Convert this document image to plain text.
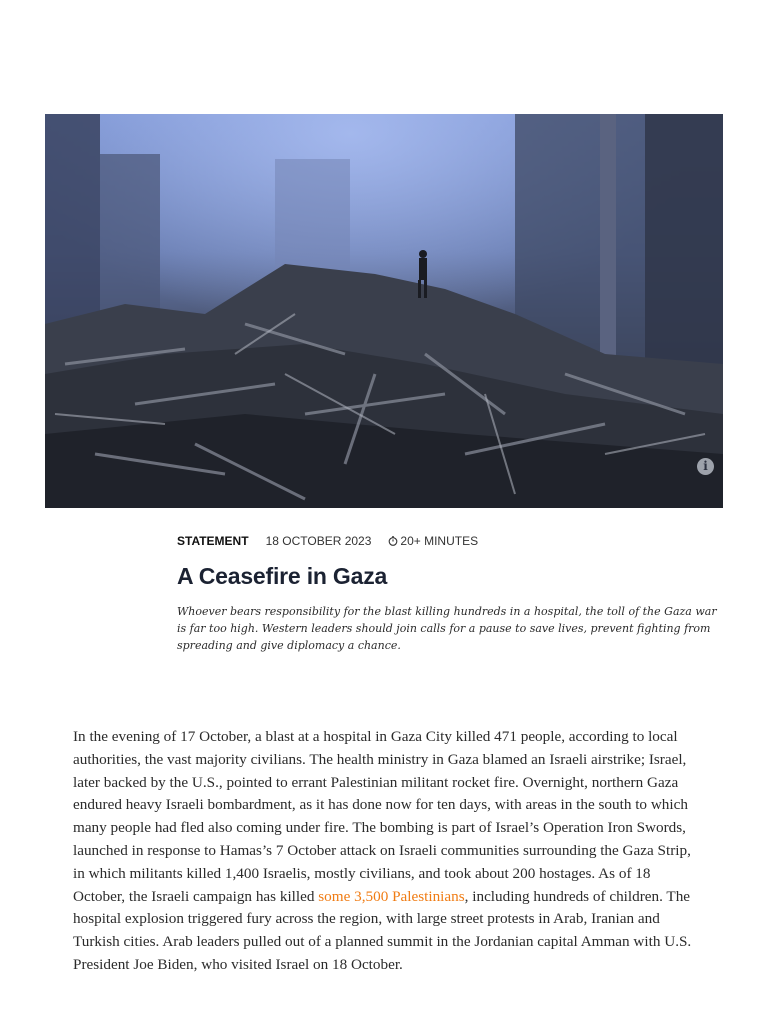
i
STATEMENT 18 OCTOBER 2023 20+ MINUTES
A Ceasefire in Gaza

Whoever bears responsibility for the blast killing hundreds in a hospital, the toll of the Gaza war is far too high. Western leaders should join calls for a pause to save lives, prevent fighting from spreading and give diplomacy a chance.

In the evening of 17 October, a blast at a hospital in Gaza City killed 471 people, according to local authorities, the vast majority civilians. The health ministry in Gaza blamed an Israeli airstrike; Israel, later backed by the U.S., pointed to errant Palestinian militant rocket fire. Overnight, northern Gaza endured heavy Israeli bombardment, as it has done now for ten days, with areas in the south to which many people had fled also coming under fire. The bombing is part of Israel’s Operation Iron Swords, launched in response to Hamas’s 7 October attack on Israeli communities surrounding the Gaza Strip, in which militants killed 1,400 Israelis, mostly civilians, and took about 200 hostages. As of 18 October, the Israeli campaign has killed some 3,500 Palestinians, including hundreds of children. The hospital explosion triggered fury across the region, with large street protests in Arab, Iranian and Turkish cities. Arab leaders pulled out of a planned summit in the Jordanian capital Amman with U.S. President Joe Biden, who visited Israel on 18 October.
